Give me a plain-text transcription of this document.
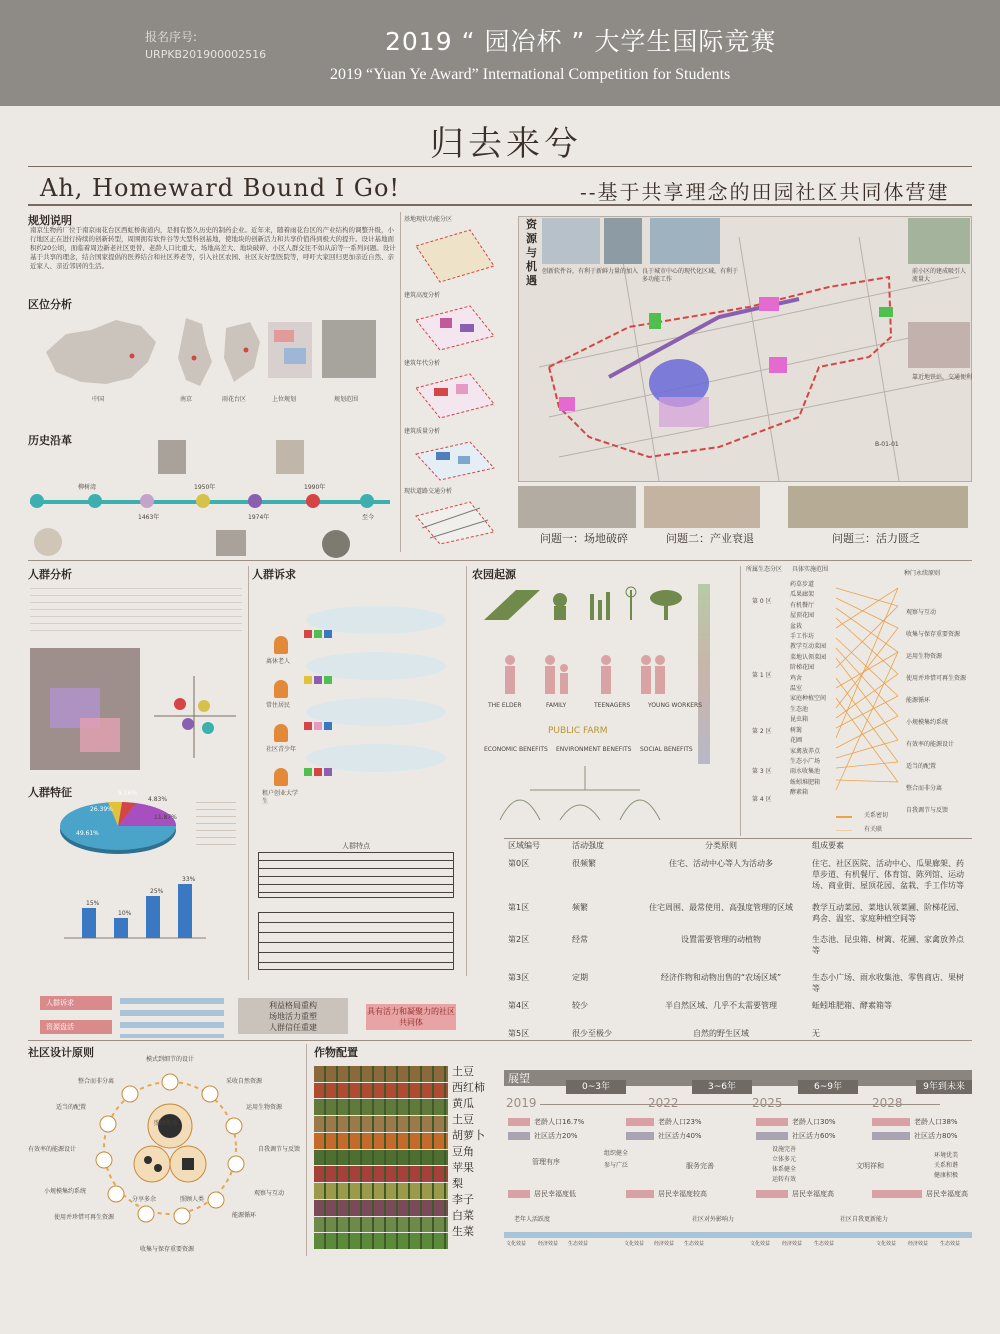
报名序号:
URPKB201900002516	2019 “ 园冶杯 ” 大学生国际竞赛
2019 “Yuan Ye Award” International Competition for Students
归去来兮
Ah, Homeward Bound I Go!	--基于共享理念的田园社区共同体营建
规划说明
南京生物药厂位于南京雨花台区西虹桥街道内，是拥有悠久历史的制药企业。近年来，随着雨花台区的产业结构的调整升级，小行地区正在进行持续的创新转型，周围拥有软件谷等大型科创基地，使地块的创新活力和共享价值得到极大的提升。设计基地面积约20公顷，面临着周边新老社区更替、老龄人口比重大、场地高差大、地块破碎、小区人群交往不如从前等一系列问题。设计基于共享的理念，结合国家提倡的医养结合和社区养老等，引入社区农园、社区友好型医院等，呼吁大家回归更加亲近自然、亲近家人、亲近邻居的生活。
区位分析
中国	南京	雨花台区	上位规划	规划范围
历史沿革
柳树湾
1463年
1950年
1974年
1990年
至今
基地现状功能分区
建筑高度分析
建筑年代分析
建筑质量分析
现状道路交通分析
B-01-01
资源与机遇
创新软件谷，有利于新鲜力量的加入 良于城市中心的现代化区域，有利于多功能工作
前小区的建成吸引人流量大
靠近地铁站，交通便利
问题一：场地破碎	问题二：产业衰退	问题三：活力匮乏
人群分析
人群特征	5.16%
4.83%
11.87%
49.61%
26.39%
15%
10%
25%
33%
人群诉求
离休老人
常住居民
社区青少年
租户创业大学生
人群特点
人群诉求
资源盘活
利益格局重构
场地活力重塑
人群信任重建
具有活力和凝聚力的社区共同体
农园起源
THE ELDER	FAMILY	TEENAGERS	YOUNG WORKERS
PUBLIC FARM
ECONOMIC BENEFITS ENVIRONMENT BENEFITS SOCIAL BENEFITS
所属生态分区 具体实施范围
种门永续原则
第 0 区
第 1 区
第 2 区
第 3 区
第 4 区
药草步道
瓜果廊架
有机餐厅
屋顶花园
盆栽
手工作坊
教学互动菜园
菜地认领菜园
阶梯花园
鸡舍
温室
家庭种植空间
生态池
昆虫箱
树篱
花圃
家禽放养点
生态小广场
雨水收集池
蚯蚓堆肥箱
酵素箱
观察与互动
收集与保存重要资源
运用生物资源
使用并珍惜可再生资源
能源循环
小规模集约系统
有效率的能源设计
适当的配置
整合而非分离
自我调节与反馈
关系密切
有关联
区域编号	活动强度	分类原则	组成要素
第0区	很频繁	住宅、活动中心等人为活动多	住宅、社区医院、活动中心、瓜果廊架、药草步道、有机餐厅、体育馆、陈列馆、运动场、商业街、屋顶花园、盆栽、手工作坊等
第1区	频繁	住宅周围、最常使用、高强度管理的区域	教学互动菜园、菜地认领菜圃、阶梯花园、鸡舍、温室、家庭种植空间等
第2区	经常	设置需要管理的动植物	生态池、昆虫箱、树篱、花圃、家禽放养点等
第3区	定期	经济作物和动物出售的“农场区域”	生态小广场、雨水收集池、零售商店、果树等
第4区	较少	半自然区域、几乎不太需要管理	蚯蚓堆肥箱、酵素箱等
第5区	很少至极少	自然的野生区域	无
社区设计原则
照顾地球
分享多余	照顾人类
模式到细节的设计
采收自然资源
运用生物资源
自我调节与反馈
观察与互动
能源循环
收集与保存重要资源
使用并珍惜可再生资源
小规模集约系统
有效率的能源设计
适当的配置
整合而非分离
作物配置
土豆
西红柿
黄瓜
土豆
胡萝卜
豆角
苹果
梨
李子
白菜
生菜
展望
0~3年	3~6年	6~9年	9年到未来
2019	2022	2025	2028
老龄人口16.7%	老龄人口23%	老龄人口30%	老龄人口38%
社区活力20%	社区活力40%	社区活力60%	社区活力80%
管理有序
组织健全
参与广泛	服务完善
设施完善
立体多元
体系健全
运转有效
文明祥和
环境优美
关系和谐
健康积极
居民幸福度低	居民幸福度较高	居民幸福度高	居民幸福度高
老年人活跃度	社区对外影响力	社区自我更新能力
文化效益 经济效益 生态效益	文化效益 经济效益 生态效益	文化效益 经济效益 生态效益	文化效益 经济效益 生态效益
